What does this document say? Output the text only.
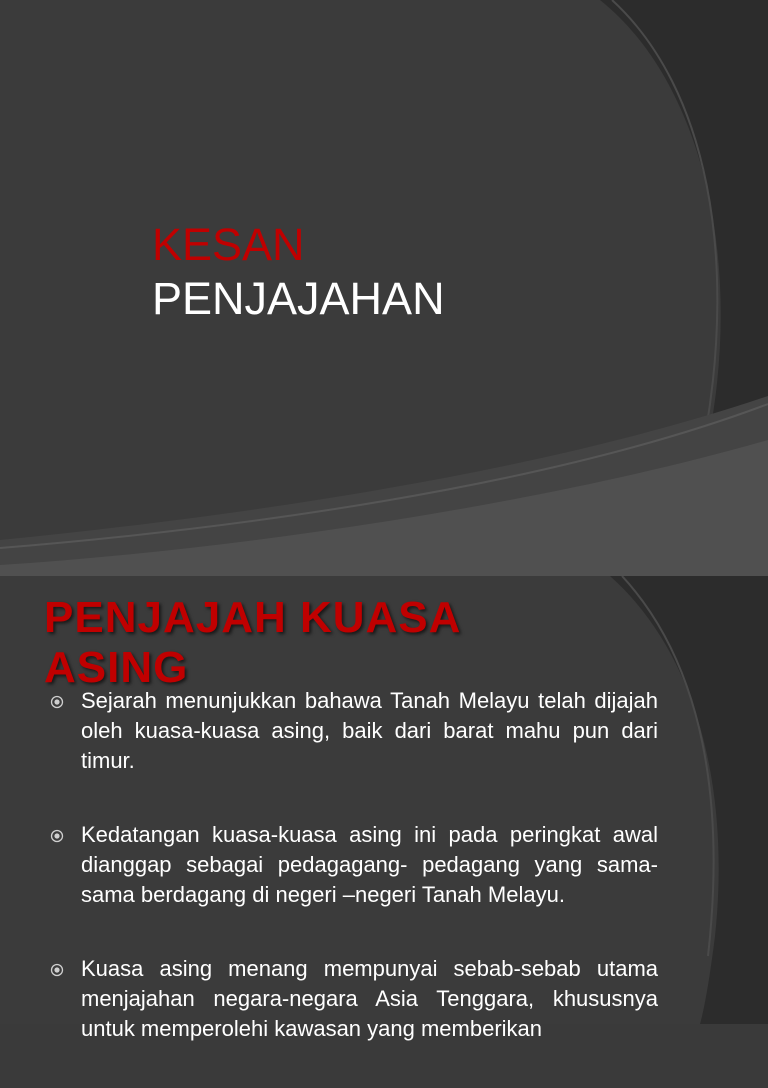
KESAN
PENJAJAHAN
PENJAJAH KUASA ASING
Sejarah menunjukkan bahawa Tanah Melayu telah dijajah oleh kuasa-kuasa asing, baik dari barat mahu pun dari timur.
Kedatangan kuasa-kuasa asing ini pada peringkat awal dianggap sebagai pedagagang- pedagang yang sama-sama berdagang di negeri –negeri Tanah Melayu.
Kuasa asing menang mempunyai sebab-sebab utama menjajahan negara-negara Asia Tenggara, khususnya untuk memperolehi kawasan yang memberikan
